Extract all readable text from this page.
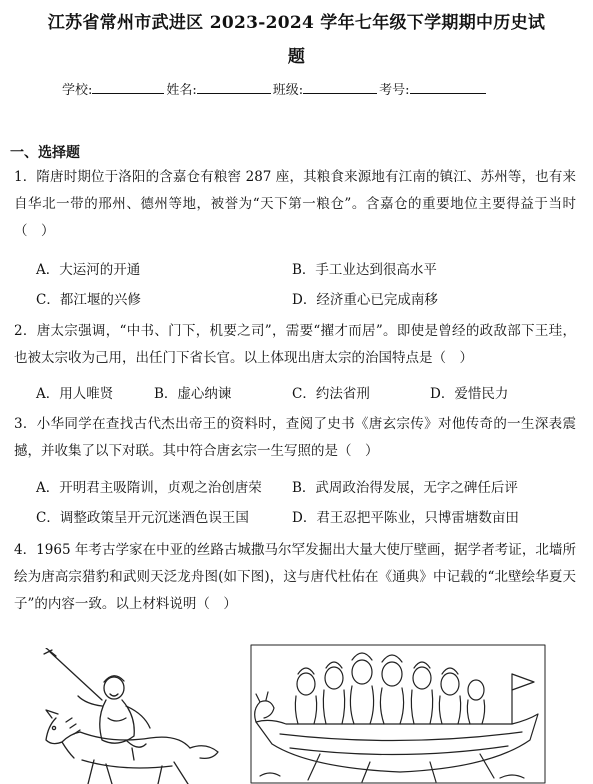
江苏省常州市武进区 2023-2024 学年七年级下学期期中历史试
题
学校:	姓名:	班级:	考号:
一、选择题
1．隋唐时期位于洛阳的含嘉仓有粮窖 287 座，其粮食来源地有江南的镇江、苏州等，也有来自华北一带的邢州、德州等地，被誉为“天下第一粮仓”。含嘉仓的重要地位主要得益于当时（　）
A．大运河的开通	B．手工业达到很高水平
C．都江堰的兴修	D．经济重心已完成南移
2．唐太宗强调，“中书、门下，机要之司”，需要“擢才而居”。即使是曾经的政敌部下王珪，也被太宗收为己用，出任门下省长官。以上体现出唐太宗的治国特点是（　）
A．用人唯贤	B．虚心纳谏	C．约法省刑	D．爱惜民力
3．小华同学在查找古代杰出帝王的资料时，查阅了史书《唐玄宗传》对他传奇的一生深表震撼，并收集了以下对联。其中符合唐玄宗一生写照的是（　）
A．开明君主吸隋训，贞观之治创唐荣 B．武周政治得发展，无字之碑任后评
C．调整政策呈开元沉迷酒色误王国	D．君王忍把平陈业，只博雷塘数亩田
4．1965 年考古学家在中亚的丝路古城撒马尔罕发掘出大量大使厅壁画，据学者考证，北墙所绘为唐高宗猎豹和武则天泛龙舟图(如下图)，这与唐代杜佑在《通典》中记载的“北壁绘华夏天子”的内容一致。以上材料说明（　）
